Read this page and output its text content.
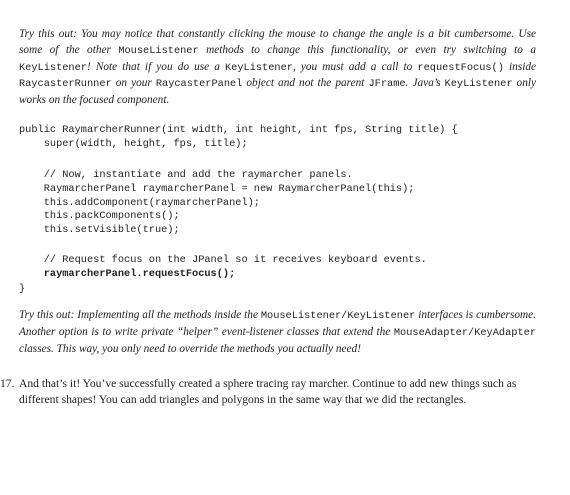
Try this out: You may notice that constantly clicking the mouse to change the angle is a bit cumbersome. Use some of the other MouseListener methods to change this functionality, or even try switching to a KeyListener! Note that if you do use a KeyListener, you must add a call to requestFocus() inside RaycasterRunner on your RaycasterPanel object and not the parent JFrame. Java’s KeyListener only works on the focused component.

public RaymarcherRunner(int width, int height, int fps, String title) {
super(width, height, fps, title);
// Now, instantiate and add the raymarcher panels.
RaymarcherPanel raymarcherPanel = new RaymarcherPanel(this);
this.addComponent(raymarcherPanel);
this.packComponents();
this.setVisible(true);
// Request focus on the JPanel so it receives keyboard events.
raymarcherPanel.requestFocus();
}

Try this out: Implementing all the methods inside the MouseListener/KeyListener interfaces is cumbersome. Another option is to write private “helper” event-listener classes that extend the MouseAdapter/KeyAdapter classes. This way, you only need to override the methods you actually need!

17. And that’s it! You’ve successfully created a sphere tracing ray marcher. Continue to add new things such as different shapes! You can add triangles and polygons in the same way that we did the rectangles.
